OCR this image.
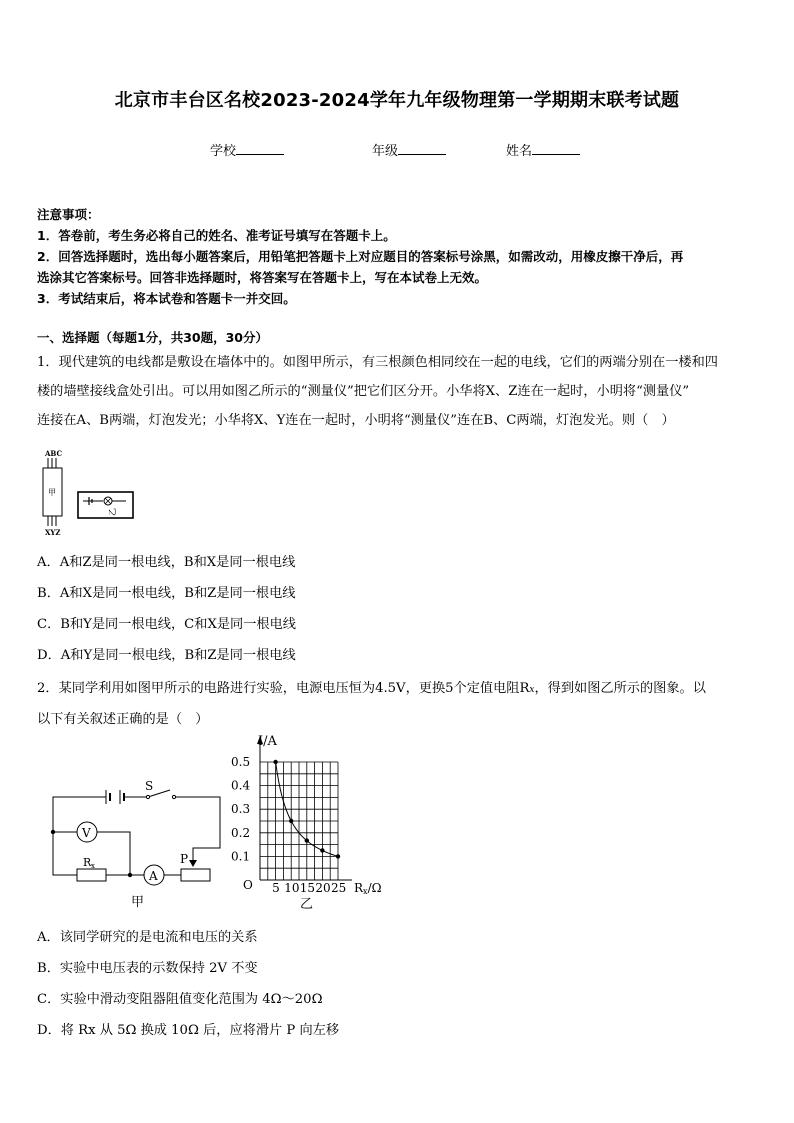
北京市丰台区名校2023-2024学年九年级物理第一学期期末联考试题
学校	年级	姓名

注意事项：

1．答卷前，考生务必将自己的姓名、准考证号填写在答题卡上。

2．回答选择题时，选出每小题答案后，用铅笔把答题卡上对应题目的答案标号涂黑，如需改动，用橡皮擦干净后，再

选涂其它答案标号。回答非选择题时，将答案写在答题卡上，写在本试卷上无效。

3．考试结束后，将本试卷和答题卡一并交回。

一、选择题（每题1分，共30题，30分）

1．现代建筑的电线都是敷设在墙体中的。如图甲所示，有三根颜色相同绞在一起的电线，它们的两端分别在一楼和四

楼的墙壁接线盒处引出。可以用如图乙所示的“测量仪”把它们区分开。小华将X、Z连在一起时，小明将“测量仪”

连接在A、B两端，灯泡发光；小华将X、Y连在一起时，小明将“测量仪”连在B、C两端，灯泡发光。则（　）

ABC
甲
XYZ
乙
A．A和Z是同一根电线，B和X是同一根电线
B．A和X是同一根电线，B和Z是同一根电线
C．B和Y是同一根电线，C和X是同一根电线
D．A和Y是同一根电线，B和Z是同一根电线

2．某同学利用如图甲所示的电路进行实验，电源电压恒为4.5V，更换5个定值电阻Rx，得到如图乙所示的图象。以

以下有关叙述正确的是（　）

S
V
R x
A
P
甲
0.1
0.2
0.3
0.4
0.5
5 10 15 20 25
I/A
Rx/Ω
O
乙
A．该同学研究的是电流和电压的关系
B．实验中电压表的示数保持 2V 不变
C．实验中滑动变阻器阻值变化范围为 4Ω～20Ω
D．将 Rx 从 5Ω 换成 10Ω 后，应将滑片 P 向左移
